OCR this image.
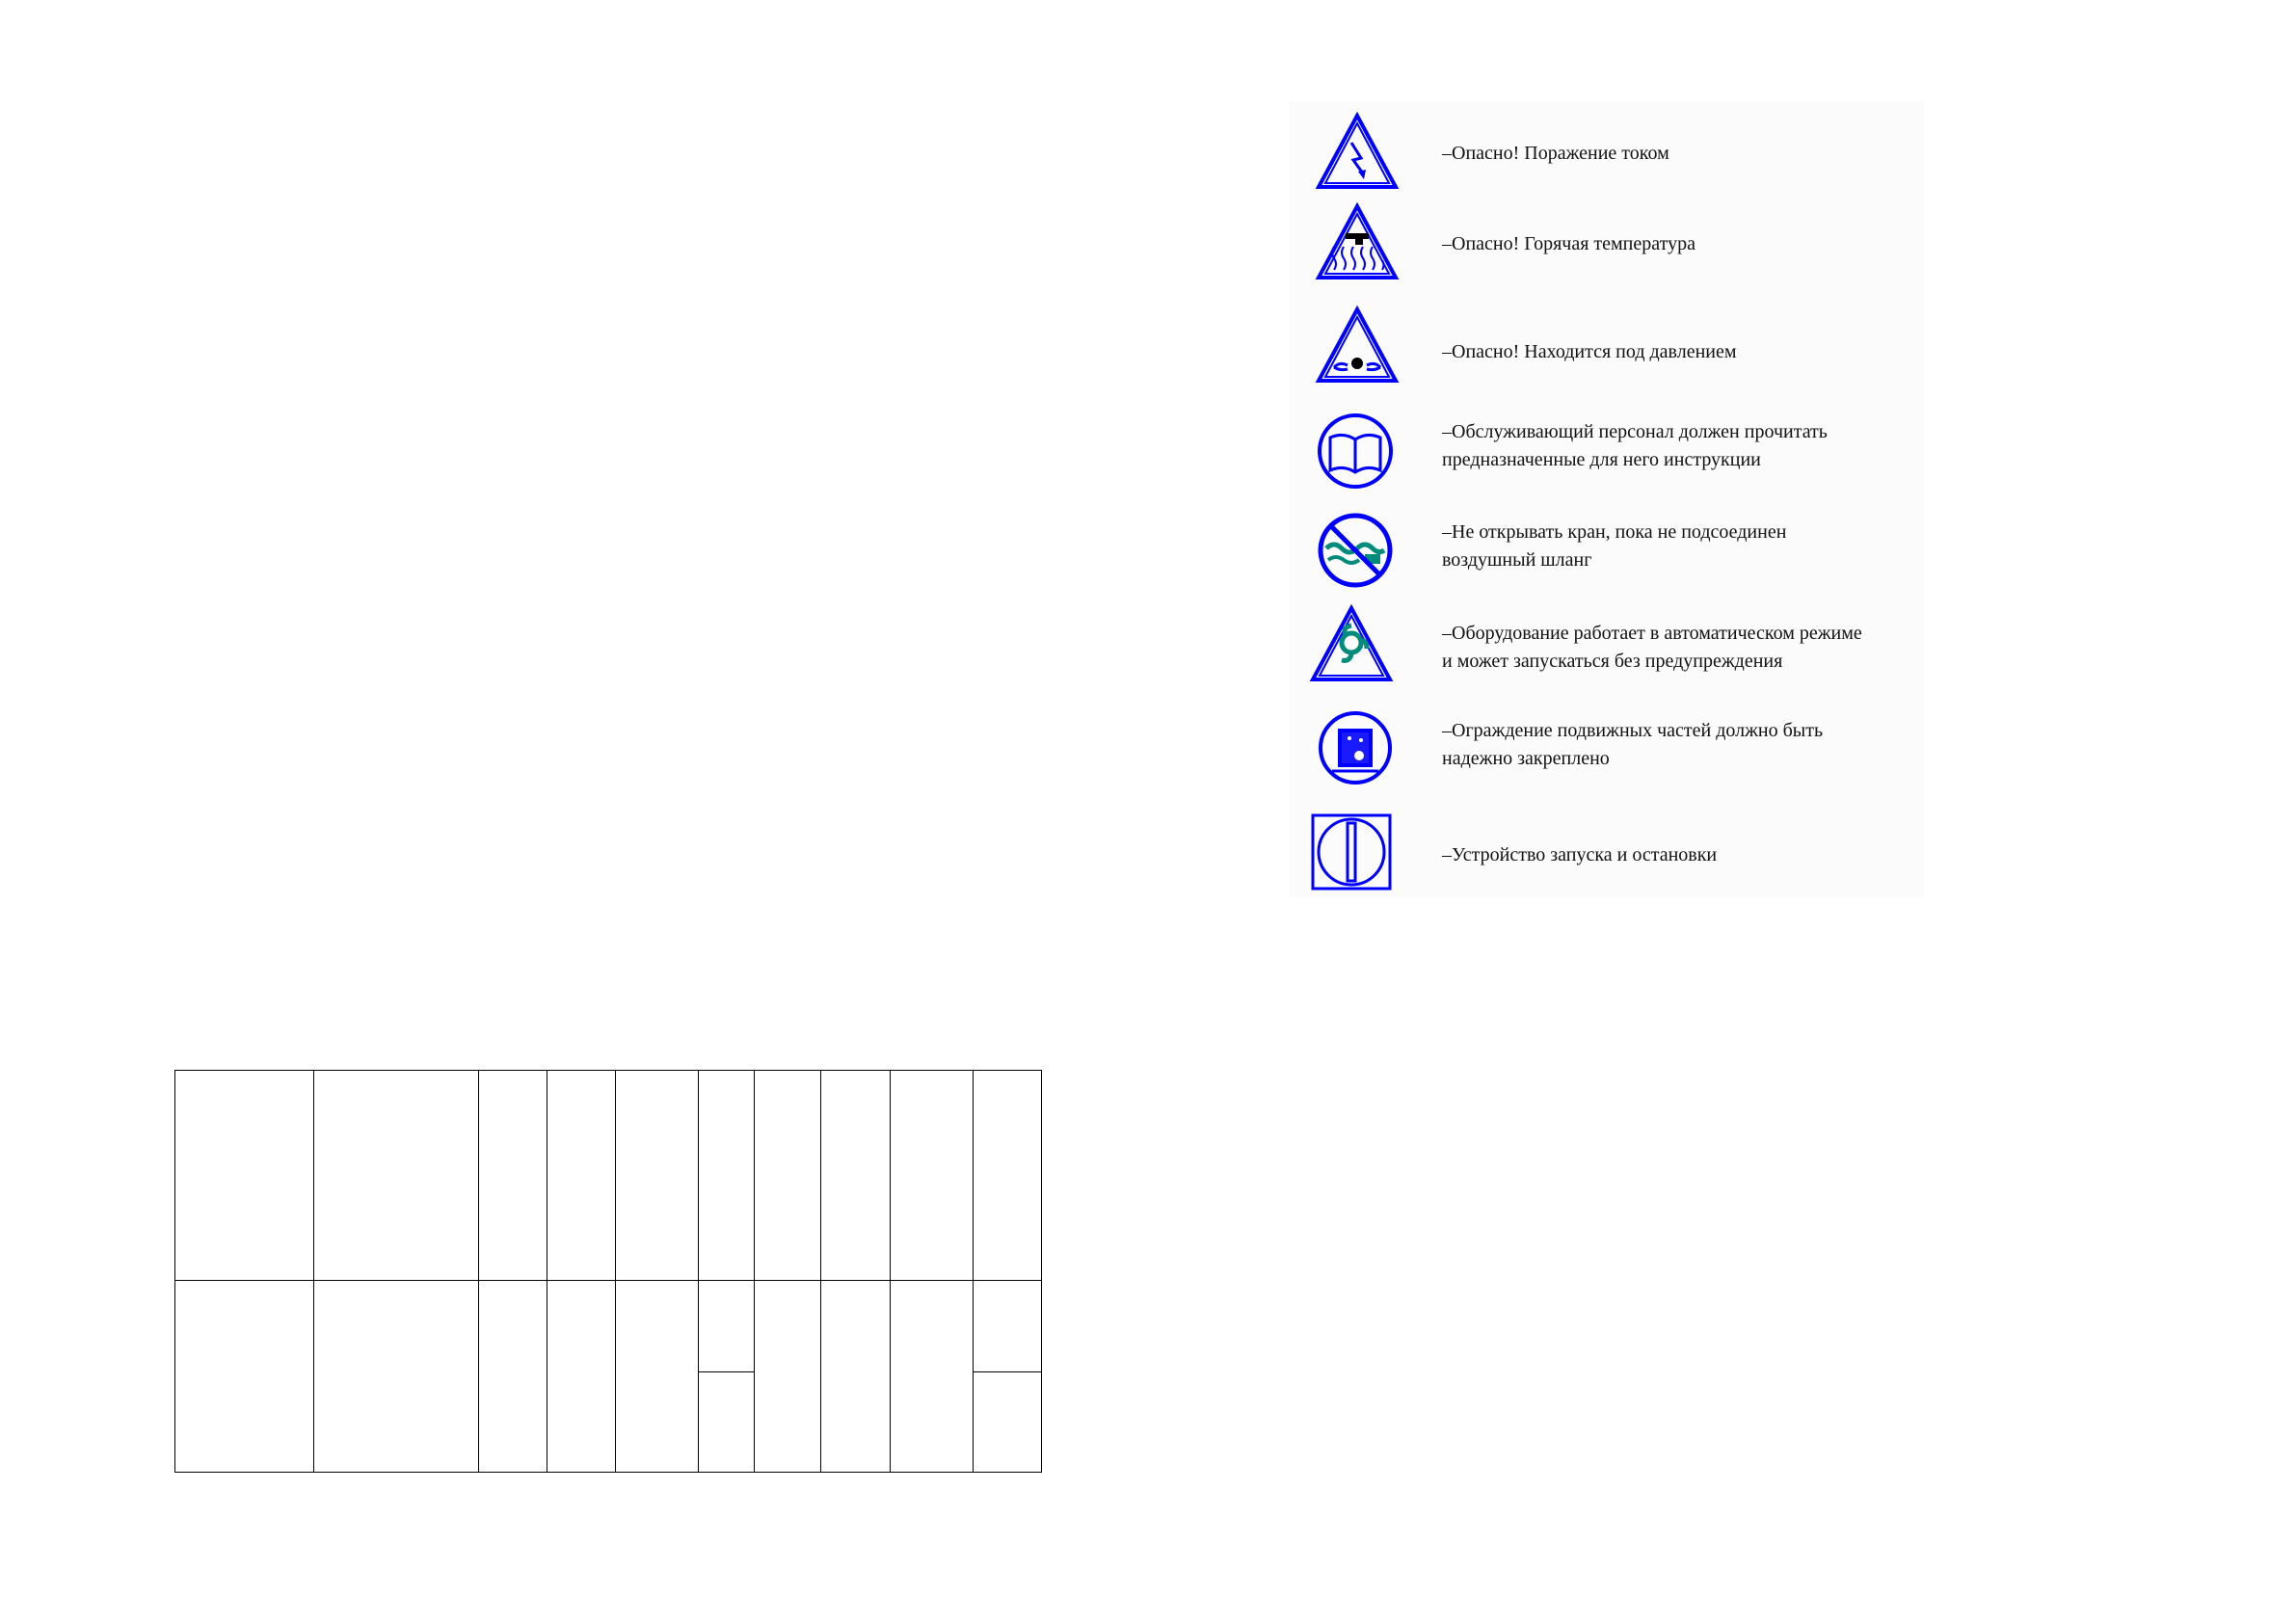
–Опасно! Поражение током
–Опасно! Горячая температура
–Опасно! Находится под давлением
–Обслуживающий персонал должен прочитать
предназначенные для него инструкции
–Не открывать кран, пока не подсоединен
воздушный шланг
–Оборудование работает в автоматическом режиме
и может запускаться без предупреждения
–Ограждение подвижных частей должно быть
надежно закреплено
–Устройство запуска и остановки
